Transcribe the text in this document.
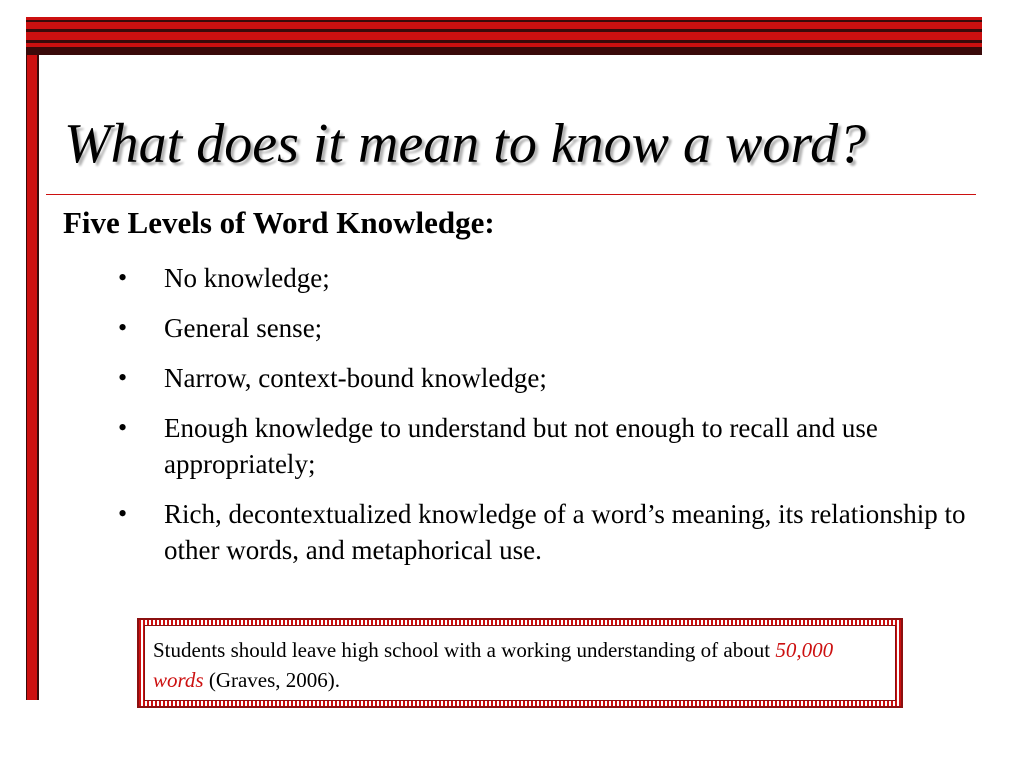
What does it mean to know a word?
Five Levels of Word Knowledge:
• No knowledge;
• General sense;
• Narrow, context-bound knowledge;
• Enough knowledge to understand but not enough to recall and use appropriately;
• Rich, decontextualized knowledge of a word’s meaning, its relationship to other words, and metaphorical use.
Students should leave high school with a working understanding of about 50,000 words (Graves, 2006).
